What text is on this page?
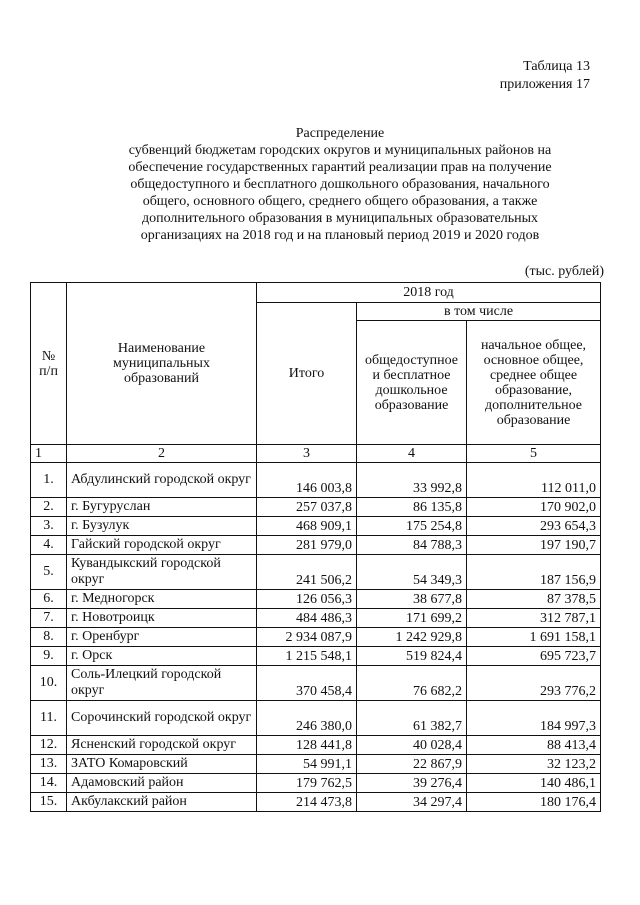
Таблица 13
приложения 17
Распределение
субвенций бюджетам городских округов и муниципальных районов на
обеспечение государственных гарантий реализации прав на получение
общедоступного и бесплатного дошкольного образования, начального
общего, основного общего, среднего общего образования, а также
дополнительного образования в муниципальных образовательных
организациях на 2018 год и на плановый период 2019 и 2020 годов
(тыс. рублей)
№ п/п	Наименование муниципальных образований	2018 год		
		Итого	в том числе	
			общедоступное и бесплатное дошкольное образование	начальное общее, основное общее, среднее общее образование, дополнительное образование
1	2	3	4	5
1.	Абдулинский городской округ	146 003,8	33 992,8	112 011,0
2.	г. Бугуруслан	257 037,8	86 135,8	170 902,0
3.	г. Бузулук	468 909,1	175 254,8	293 654,3
4.	Гайский городской округ	281 979,0	84 788,3	197 190,7
5.	Кувандыкский городской округ	241 506,2	54 349,3	187 156,9
6.	г. Медногорск	126 056,3	38 677,8	87 378,5
7.	г. Новотроицк	484 486,3	171 699,2	312 787,1
8.	г. Оренбург	2 934 087,9	1 242 929,8	1 691 158,1
9.	г. Орск	1 215 548,1	519 824,4	695 723,7
10.	Соль-Илецкий городской округ	370 458,4	76 682,2	293 776,2
11.	Сорочинский городской округ	246 380,0	61 382,7	184 997,3
12.	Ясненский городской округ	128 441,8	40 028,4	88 413,4
13.	ЗАТО Комаровский	54 991,1	22 867,9	32 123,2
14.	Адамовский район	179 762,5	39 276,4	140 486,1
15.	Акбулакский район	214 473,8	34 297,4	180 176,4
